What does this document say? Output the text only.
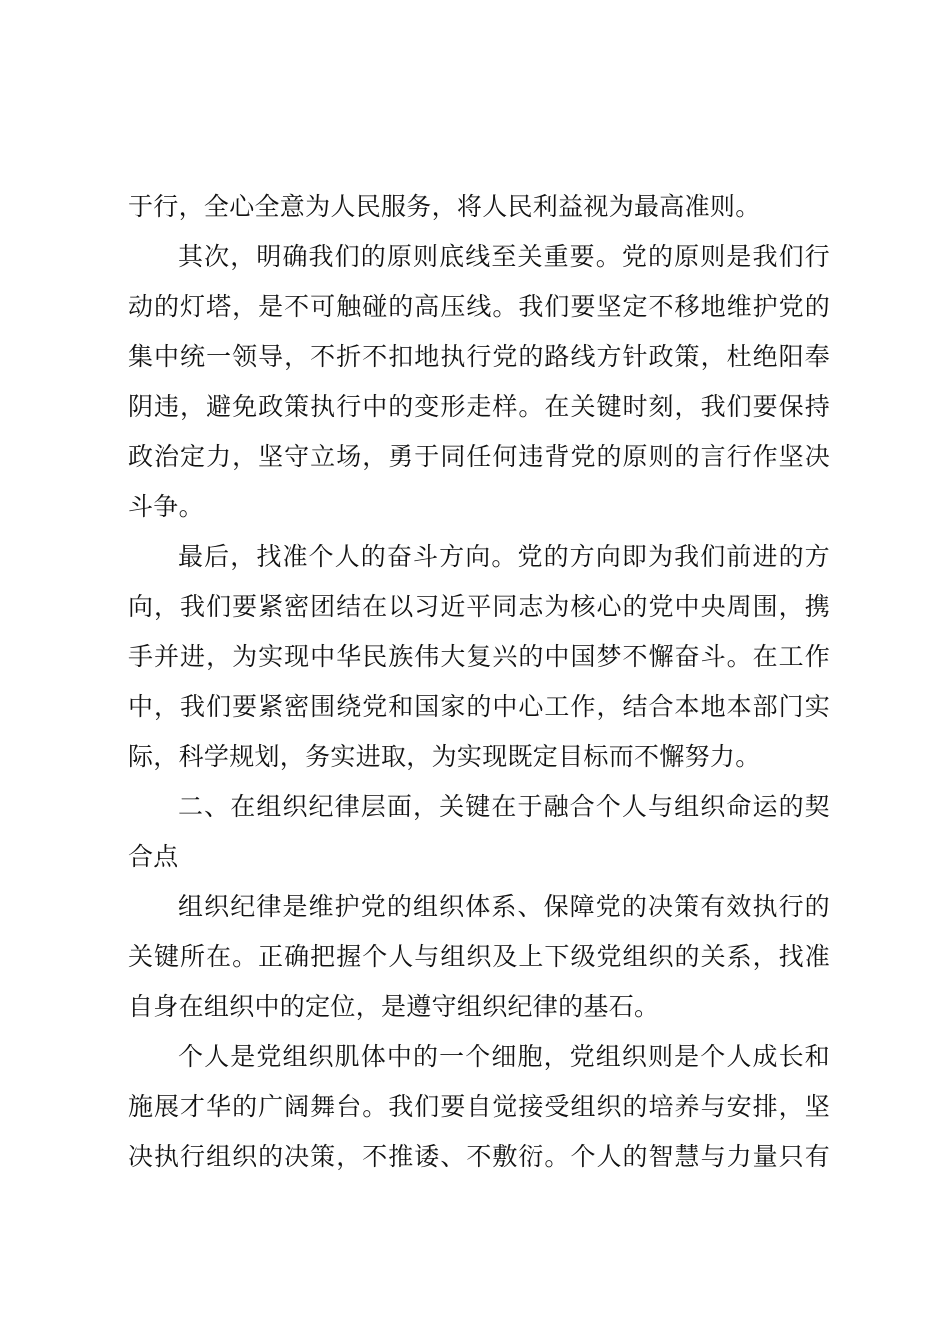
于行，全心全意为人民服务，将人民利益视为最高准则。
其次，明确我们的原则底线至关重要。党的原则是我们行
动的灯塔，是不可触碰的高压线。我们要坚定不移地维护党的
集中统一领导，不折不扣地执行党的路线方针政策，杜绝阳奉
阴违，避免政策执行中的变形走样。在关键时刻，我们要保持
政治定力，坚守立场，勇于同任何违背党的原则的言行作坚决
斗争。
最后，找准个人的奋斗方向。党的方向即为我们前进的方
向，我们要紧密团结在以习近平同志为核心的党中央周围，携
手并进，为实现中华民族伟大复兴的中国梦不懈奋斗。在工作
中，我们要紧密围绕党和国家的中心工作，结合本地本部门实
际，科学规划，务实进取，为实现既定目标而不懈努力。
二、在组织纪律层面，关键在于融合个人与组织命运的契
合点
组织纪律是维护党的组织体系、保障党的决策有效执行的
关键所在。正确把握个人与组织及上下级党组织的关系，找准
自身在组织中的定位，是遵守组织纪律的基石。
个人是党组织肌体中的一个细胞，党组织则是个人成长和
施展才华的广阔舞台。我们要自觉接受组织的培养与安排，坚
决执行组织的决策，不推诿、不敷衍。个人的智慧与力量只有
